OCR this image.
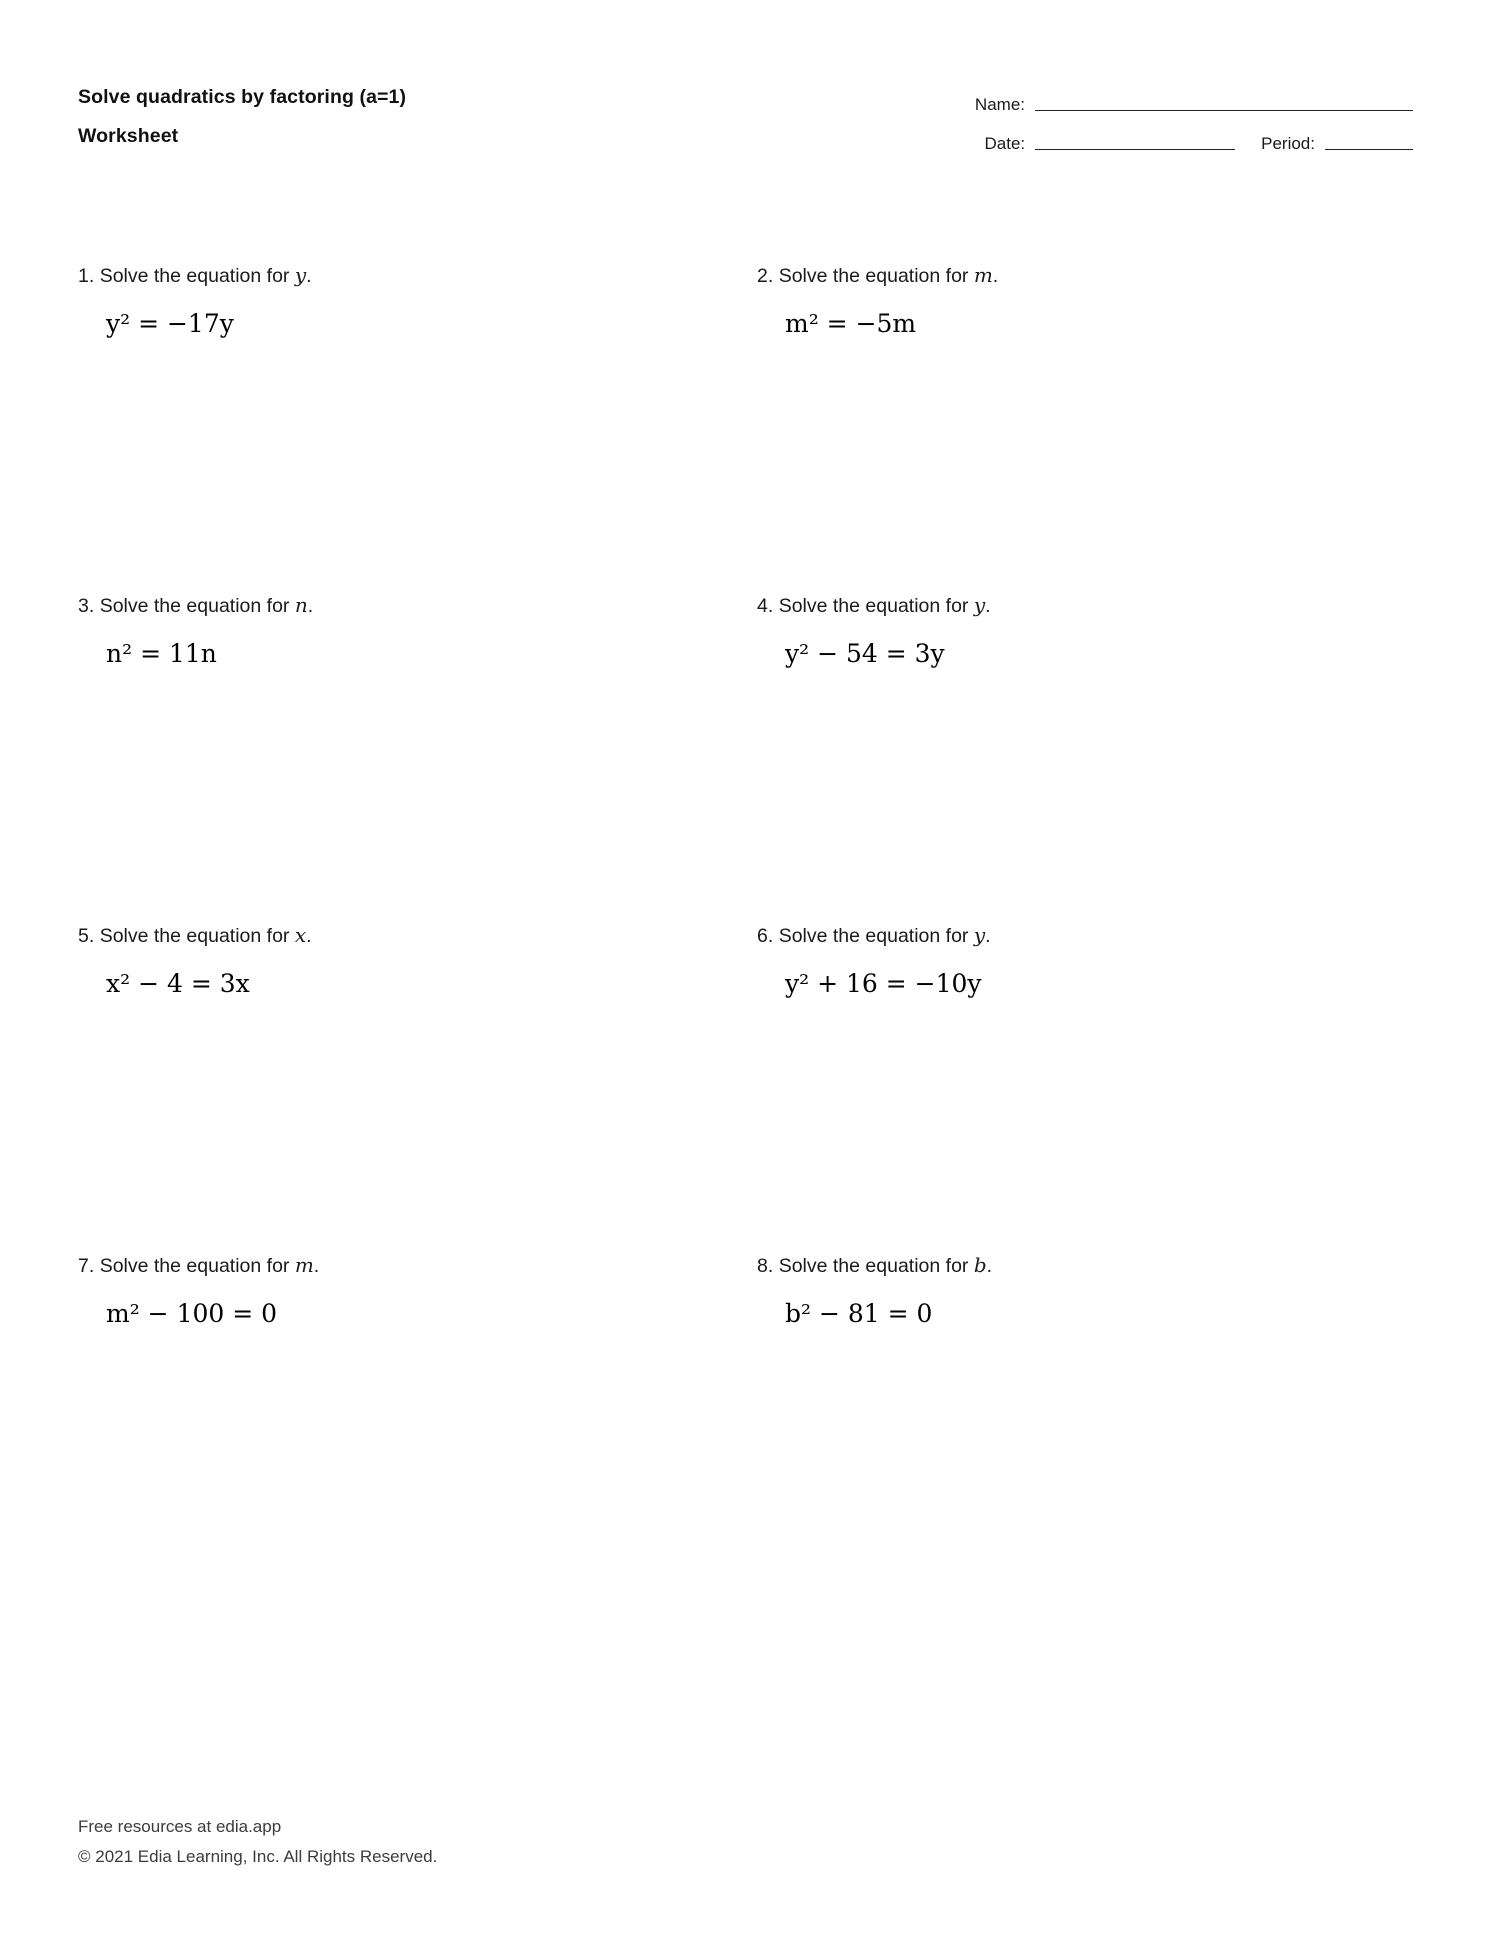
Solve quadratics by factoring (a=1)
Worksheet
Name:
Date:	Period:
1. Solve the equation for y.
y² = −17y
2. Solve the equation for m.
m² = −5m
3. Solve the equation for n.
n² = 11n
4. Solve the equation for y.
y² − 54 = 3y
5. Solve the equation for x.
x² − 4 = 3x
6. Solve the equation for y.
y² + 16 = −10y
7. Solve the equation for m.
m² − 100 = 0
8. Solve the equation for b.
b² − 81 = 0
Free resources at edia.app
© 2021 Edia Learning, Inc. All Rights Reserved.
